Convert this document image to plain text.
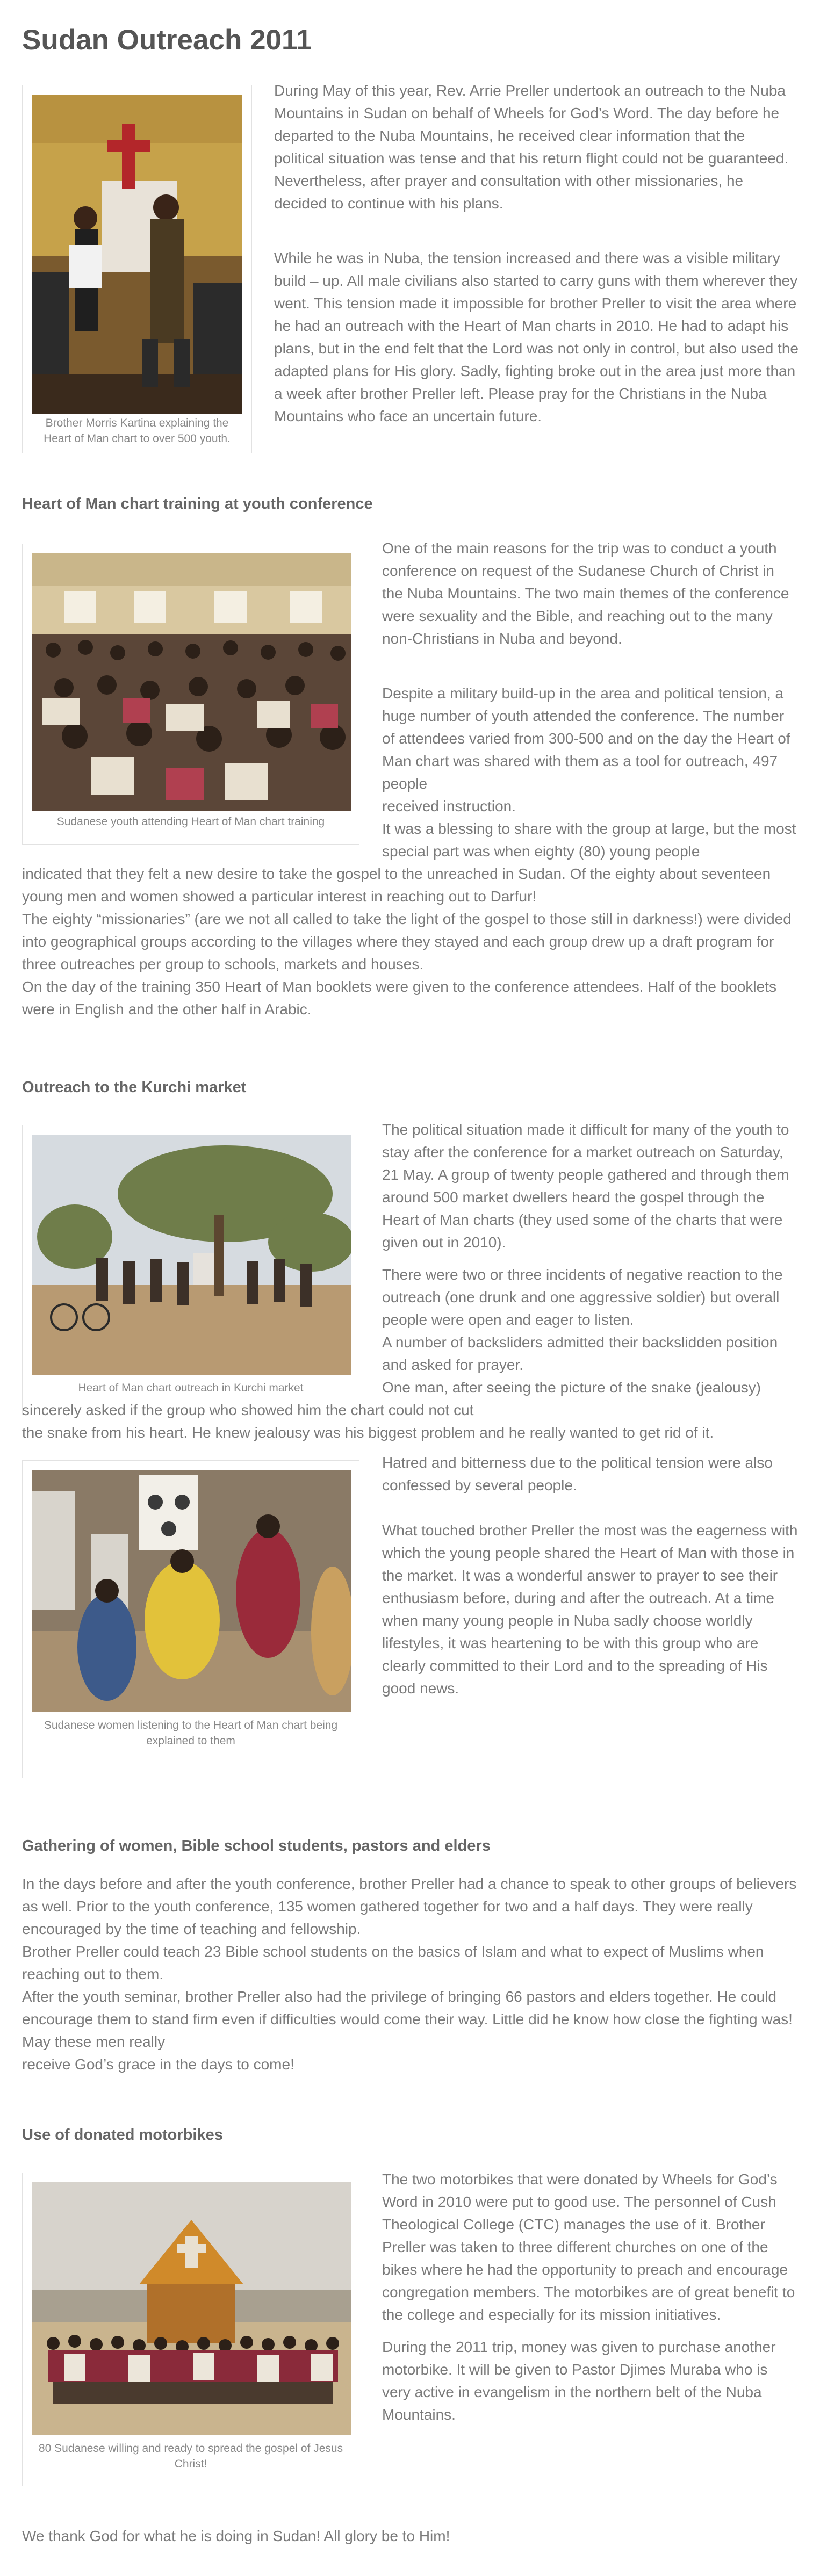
Sudan Outreach 2011
Brother Morris Kartina explaining the Heart of Man chart to over 500 youth.

During May of this year, Rev. Arrie Preller undertook an outreach to the Nuba Mountains in Sudan on behalf of Wheels for God’s Word. The day before he departed to the Nuba Mountains, he received clear information that the political situation was tense and that his return flight could not be guaranteed. Nevertheless, after prayer and consultation with other missionaries, he decided to continue with his plans.

While he was in Nuba, the tension increased and there was a visible military build – up. All male civilians also started to carry guns with them wherever they went. This tension made it impossible for brother Preller to visit the area where he had an outreach with the Heart of Man charts in 2010. He had to adapt his plans, but in the end felt that the Lord was not only in control, but also used the adapted plans for His glory. Sadly, fighting broke out in the area just more than a week after brother Preller left. Please pray for the Christians in the Nuba Mountains who face an uncertain future.

Heart of Man chart training at youth conference
Sudanese youth attending Heart of Man chart training

One of the main reasons for the trip was to conduct a youth conference on request of the Sudanese Church of Christ in the Nuba Mountains. The two main themes of the conference were sexuality and the Bible, and reaching out to the many non-Christians in Nuba and beyond.

Despite a military build-up in the area and political tension, a huge number of youth attended the conference. The number of attendees varied from 300-500 and on the day the Heart of Man chart was shared with them as a tool for outreach, 497 people

received instruction.

It was a blessing to share with the group at large, but the most special part was when eighty (80) young people

indicated that they felt a new desire to take the gospel to the unreached in Sudan. Of the eighty about seventeen young men and women showed a particular interest in reaching out to Darfur!

The eighty “missionaries” (are we not all called to take the light of the gospel to those still in darkness!) were divided into geographical groups according to the villages where they stayed and each group drew up a draft program for three outreaches per group to schools, markets and houses.

On the day of the training 350 Heart of Man booklets were given to the conference attendees. Half of the booklets were in English and the other half in Arabic.

Outreach to the Kurchi market
Heart of Man chart outreach in Kurchi market

The political situation made it difficult for many of the youth to stay after the conference for a market outreach on Saturday, 21 May. A group of twenty people gathered and through them around 500 market dwellers heard the gospel through the Heart of Man charts (they used some of the charts that were given out in 2010).

There were two or three incidents of negative reaction to the outreach (one drunk and one aggressive soldier) but overall people were open and eager to listen.

A number of backsliders admitted their backslidden position and asked for prayer.

One man, after seeing the picture of the snake (jealousy)

sincerely asked if the group who showed him the chart could not cut

the snake from his heart. He knew jealousy was his biggest problem and he really wanted to get rid of it.

Sudanese women listening to the Heart of Man chart being explained to them

Hatred and bitterness due to the political tension were also confessed by several people.

What touched brother Preller the most was the eagerness with which the young people shared the Heart of Man with those in the market. It was a wonderful answer to prayer to see their enthusiasm before, during and after the outreach. At a time when many young people in Nuba sadly choose worldly lifestyles, it was heartening to be with this group who are clearly committed to their Lord and to the spreading of His good news.

Gathering of women, Bible school students, pastors and elders

In the days before and after the youth conference, brother Preller had a chance to speak to other groups of believers as well. Prior to the youth conference, 135 women gathered together for two and a half days. They were really encouraged by the time of teaching and fellowship.

Brother Preller could teach 23 Bible school students on the basics of Islam and what to expect of Muslims when reaching out to them.

After the youth seminar, brother Preller also had the privilege of bringing 66 pastors and elders together. He could encourage them to stand firm even if difficulties would come their way. Little did he know how close the fighting was! May these men really

receive God’s grace in the days to come!

Use of donated motorbikes
80 Sudanese willing and ready to spread the gospel of Jesus Christ!

The two motorbikes that were donated by Wheels for God’s Word in 2010 were put to good use. The personnel of Cush Theological College (CTC) manages the use of it. Brother Preller was taken to three different churches on one of the bikes where he had the opportunity to preach and encourage congregation members. The motorbikes are of great benefit to the college and especially for its mission initiatives.

During the 2011 trip, money was given to purchase another motorbike. It will be given to Pastor Djimes Muraba who is very active in evangelism in the northern belt of the Nuba Mountains.

We thank God for what he is doing in Sudan! All glory be to Him!
